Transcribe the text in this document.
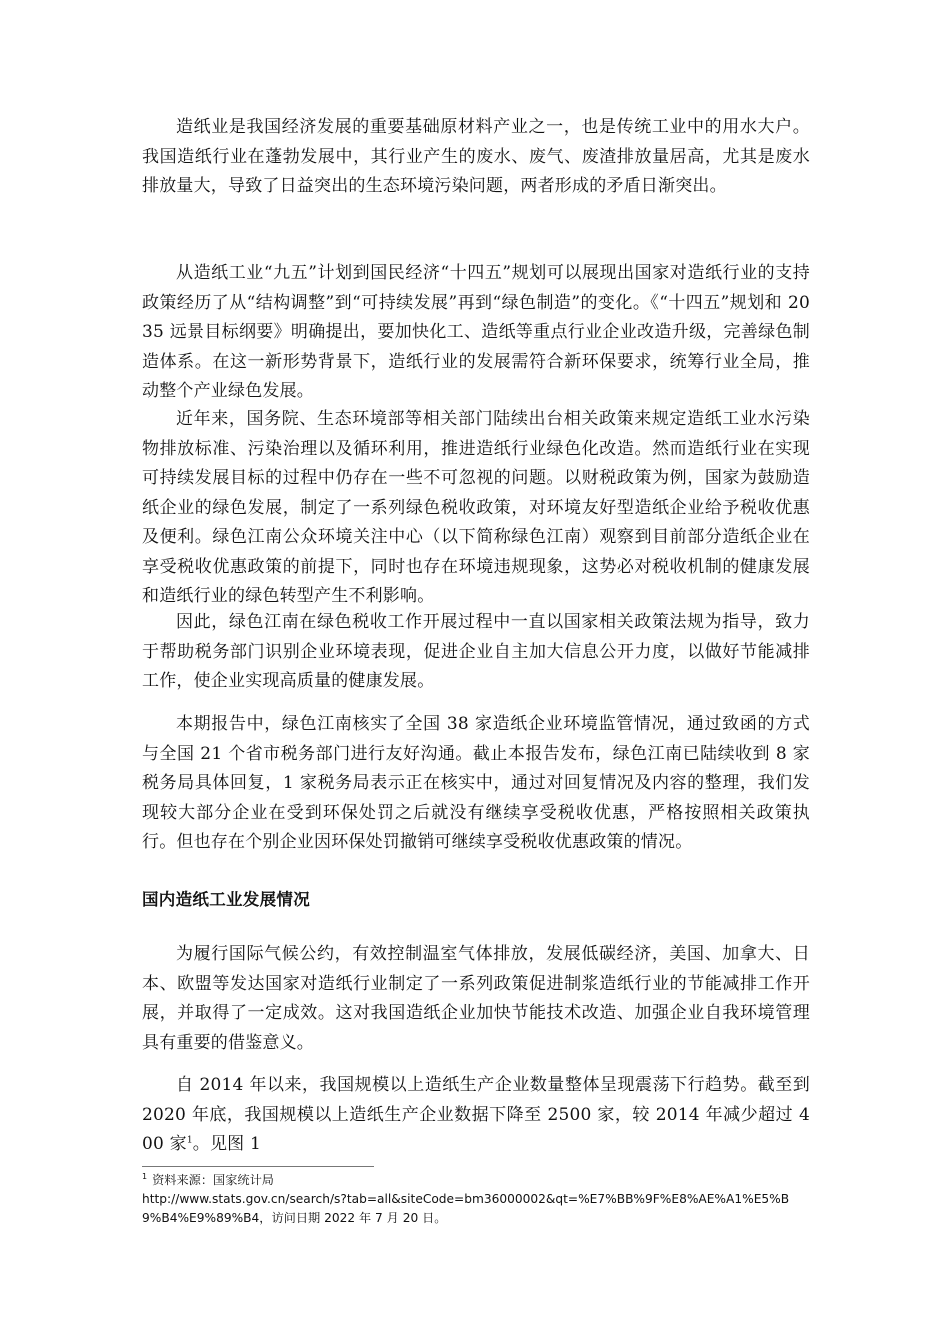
造纸业是我国经济发展的重要基础原材料产业之一，也是传统工业中的用水大户。我国造纸行业在蓬勃发展中，其行业产生的废水、废气、废渣排放量居高，尤其是废水排放量大，导致了日益突出的生态环境污染问题，两者形成的矛盾日渐突出。

从造纸工业“九五”计划到国民经济“十四五”规划可以展现出国家对造纸行业的支持政策经历了从“结构调整”到“可持续发展”再到“绿色制造”的变化。《“十四五”规划和 2035 远景目标纲要》明确提出，要加快化工、造纸等重点行业企业改造升级，完善绿色制造体系。在这一新形势背景下，造纸行业的发展需符合新环保要求，统筹行业全局，推动整个产业绿色发展。

近年来，国务院、生态环境部等相关部门陆续出台相关政策来规定造纸工业水污染物排放标准、污染治理以及循环利用，推进造纸行业绿色化改造。然而造纸行业在实现可持续发展目标的过程中仍存在一些不可忽视的问题。以财税政策为例，国家为鼓励造纸企业的绿色发展，制定了一系列绿色税收政策，对环境友好型造纸企业给予税收优惠及便利。绿色江南公众环境关注中心（以下简称绿色江南）观察到目前部分造纸企业在享受税收优惠政策的前提下，同时也存在环境违规现象，这势必对税收机制的健康发展和造纸行业的绿色转型产生不利影响。

因此，绿色江南在绿色税收工作开展过程中一直以国家相关政策法规为指导，致力于帮助税务部门识别企业环境表现，促进企业自主加大信息公开力度，以做好节能减排工作，使企业实现高质量的健康发展。

本期报告中，绿色江南核实了全国 38 家造纸企业环境监管情况，通过致函的方式与全国 21 个省市税务部门进行友好沟通。截止本报告发布，绿色江南已陆续收到 8 家税务局具体回复，1 家税务局表示正在核实中，通过对回复情况及内容的整理，我们发现较大部分企业在受到环保处罚之后就没有继续享受税收优惠，严格按照相关政策执行。但也存在个别企业因环保处罚撤销可继续享受税收优惠政策的情况。

国内造纸工业发展情况

为履行国际气候公约，有效控制温室气体排放，发展低碳经济，美国、加拿大、日本、欧盟等发达国家对造纸行业制定了一系列政策促进制浆造纸行业的节能减排工作开展，并取得了一定成效。这对我国造纸企业加快节能技术改造、加强企业自我环境管理具有重要的借鉴意义。

自 2014 年以来，我国规模以上造纸生产企业数量整体呈现震荡下行趋势。截至到 2020 年底，我国规模以上造纸生产企业数据下降至 2500 家，较 2014 年减少超过 400 家$^1$。见图 1

$^1$ 资料来源：国家统计局
http://www.stats.gov.cn/search/s?tab=all&siteCode=bm36000002&qt=%E7%BB%9F%E8%AE%A1%E5%B9%B4%E9%89%B4，访问日期 2022 年 7 月 20 日。
